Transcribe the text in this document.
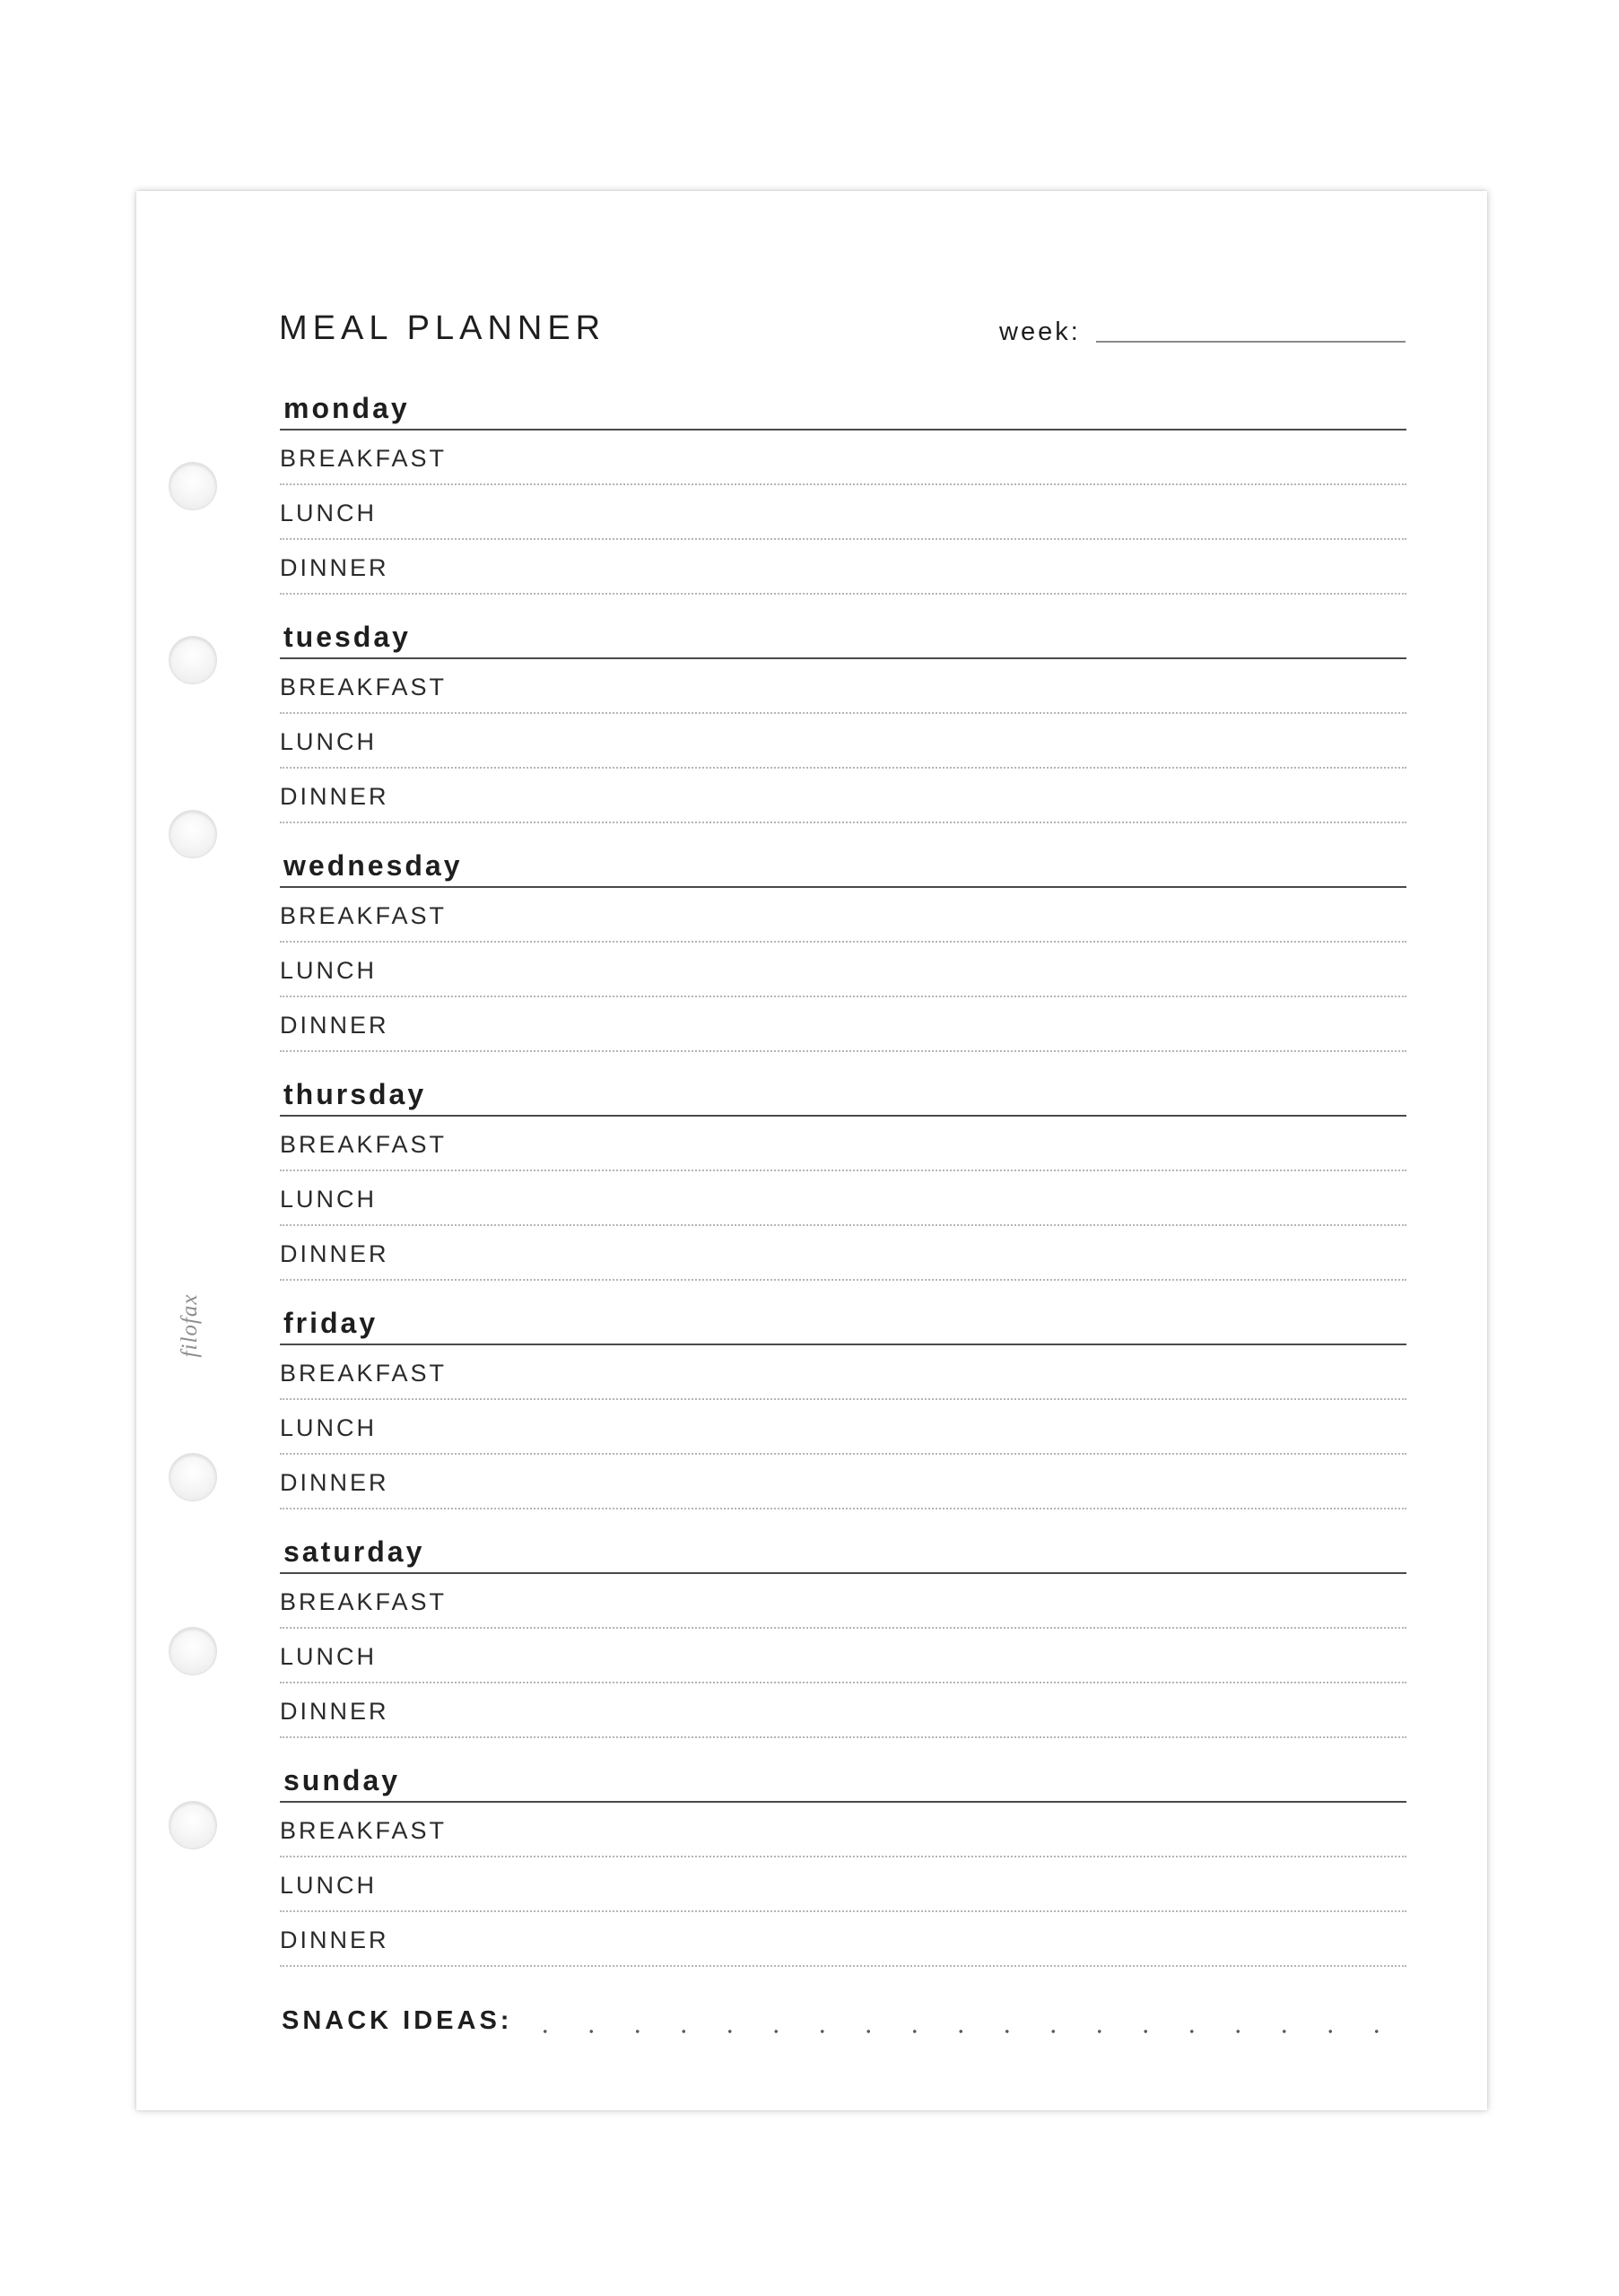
filofax
MEAL PLANNER	week:
monday
BREAKFAST
LUNCH
DINNER
tuesday
BREAKFAST
LUNCH
DINNER
wednesday
BREAKFAST
LUNCH
DINNER
thursday
BREAKFAST
LUNCH
DINNER
friday
BREAKFAST
LUNCH
DINNER
saturday
BREAKFAST
LUNCH
DINNER
sunday
BREAKFAST
LUNCH
DINNER
SNACK IDEAS:
